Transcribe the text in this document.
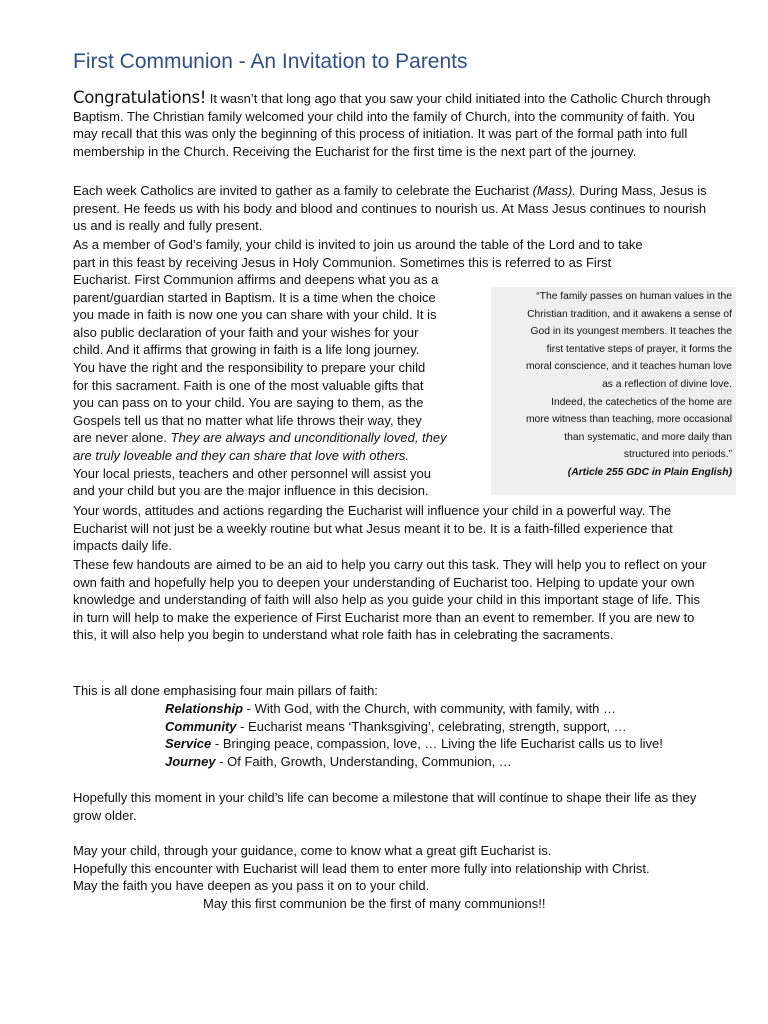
First Communion - An Invitation to Parents

Congratulations! It wasn’t that long ago that you saw your child initiated into the Catholic Church through Baptism. The Christian family welcomed your child into the family of Church, into the community of faith. You may recall that this was only the beginning of this process of initiation. It was part of the formal path into full membership in the Church. Receiving the Eucharist for the first time is the next part of the journey.

Each week Catholics are invited to gather as a family to celebrate the Eucharist (Mass). During Mass, Jesus is present. He feeds us with his body and blood and continues to nourish us. At Mass Jesus continues to nourish us and is really and fully present.

As a member of God’s family, your child is invited to join us around the table of the Lord and to take
part in this feast by receiving Jesus in Holy Communion. Sometimes this is referred to as First
Eucharist. First Communion affirms and deepens what you as a
parent/guardian started in Baptism. It is a time when the choice
you made in faith is now one you can share with your child. It is
also public declaration of your faith and your wishes for your
child. And it affirms that growing in faith is a life long journey.
You have the right and the responsibility to prepare your child
for this sacrament. Faith is one of the most valuable gifts that
you can pass on to your child. You are saying to them, as the
Gospels tell us that no matter what life throws their way, they
are never alone. They are always and unconditionally loved, they
are truly loveable and they can share that love with others.
Your local priests, teachers and other personnel will assist you
and your child but you are the major influence in this decision.
“The family passes on human values in the
Christian tradition, and it awakens a sense of
God in its youngest members. It teaches the
first tentative steps of prayer, it forms the
moral conscience, and it teaches human love
as a reflection of divine love.
Indeed, the catechetics of the home are
more witness than teaching, more occasional
than systematic, and more daily than
structured into periods.”
(Article 255 GDC in Plain English)

Your words, attitudes and actions regarding the Eucharist will influence your child in a powerful way. The Eucharist will not just be a weekly routine but what Jesus meant it to be. It is a faith-filled experience that impacts daily life.

These few handouts are aimed to be an aid to help you carry out this task. They will help you to reflect on your own faith and hopefully help you to deepen your understanding of Eucharist too. Helping to update your own knowledge and understanding of faith will also help as you guide your child in this important stage of life. This in turn will help to make the experience of First Eucharist more than an event to remember. If you are new to this, it will also help you begin to understand what role faith has in celebrating the sacraments.

This is all done emphasising four main pillars of faith:

Relationship - With God, with the Church, with community, with family, with …
Community - Eucharist means ‘Thanksgiving’, celebrating, strength, support, …
Service - Bringing peace, compassion, love, … Living the life Eucharist calls us to live!
Journey - Of Faith, Growth, Understanding, Communion, …

Hopefully this moment in your child’s life can become a milestone that will continue to shape their life as they grow older.

May your child, through your guidance, come to know what a great gift Eucharist is.
Hopefully this encounter with Eucharist will lead them to enter more fully into relationship with Christ.
May the faith you have deepen as you pass it on to your child.
May this first communion be the first of many communions!!
